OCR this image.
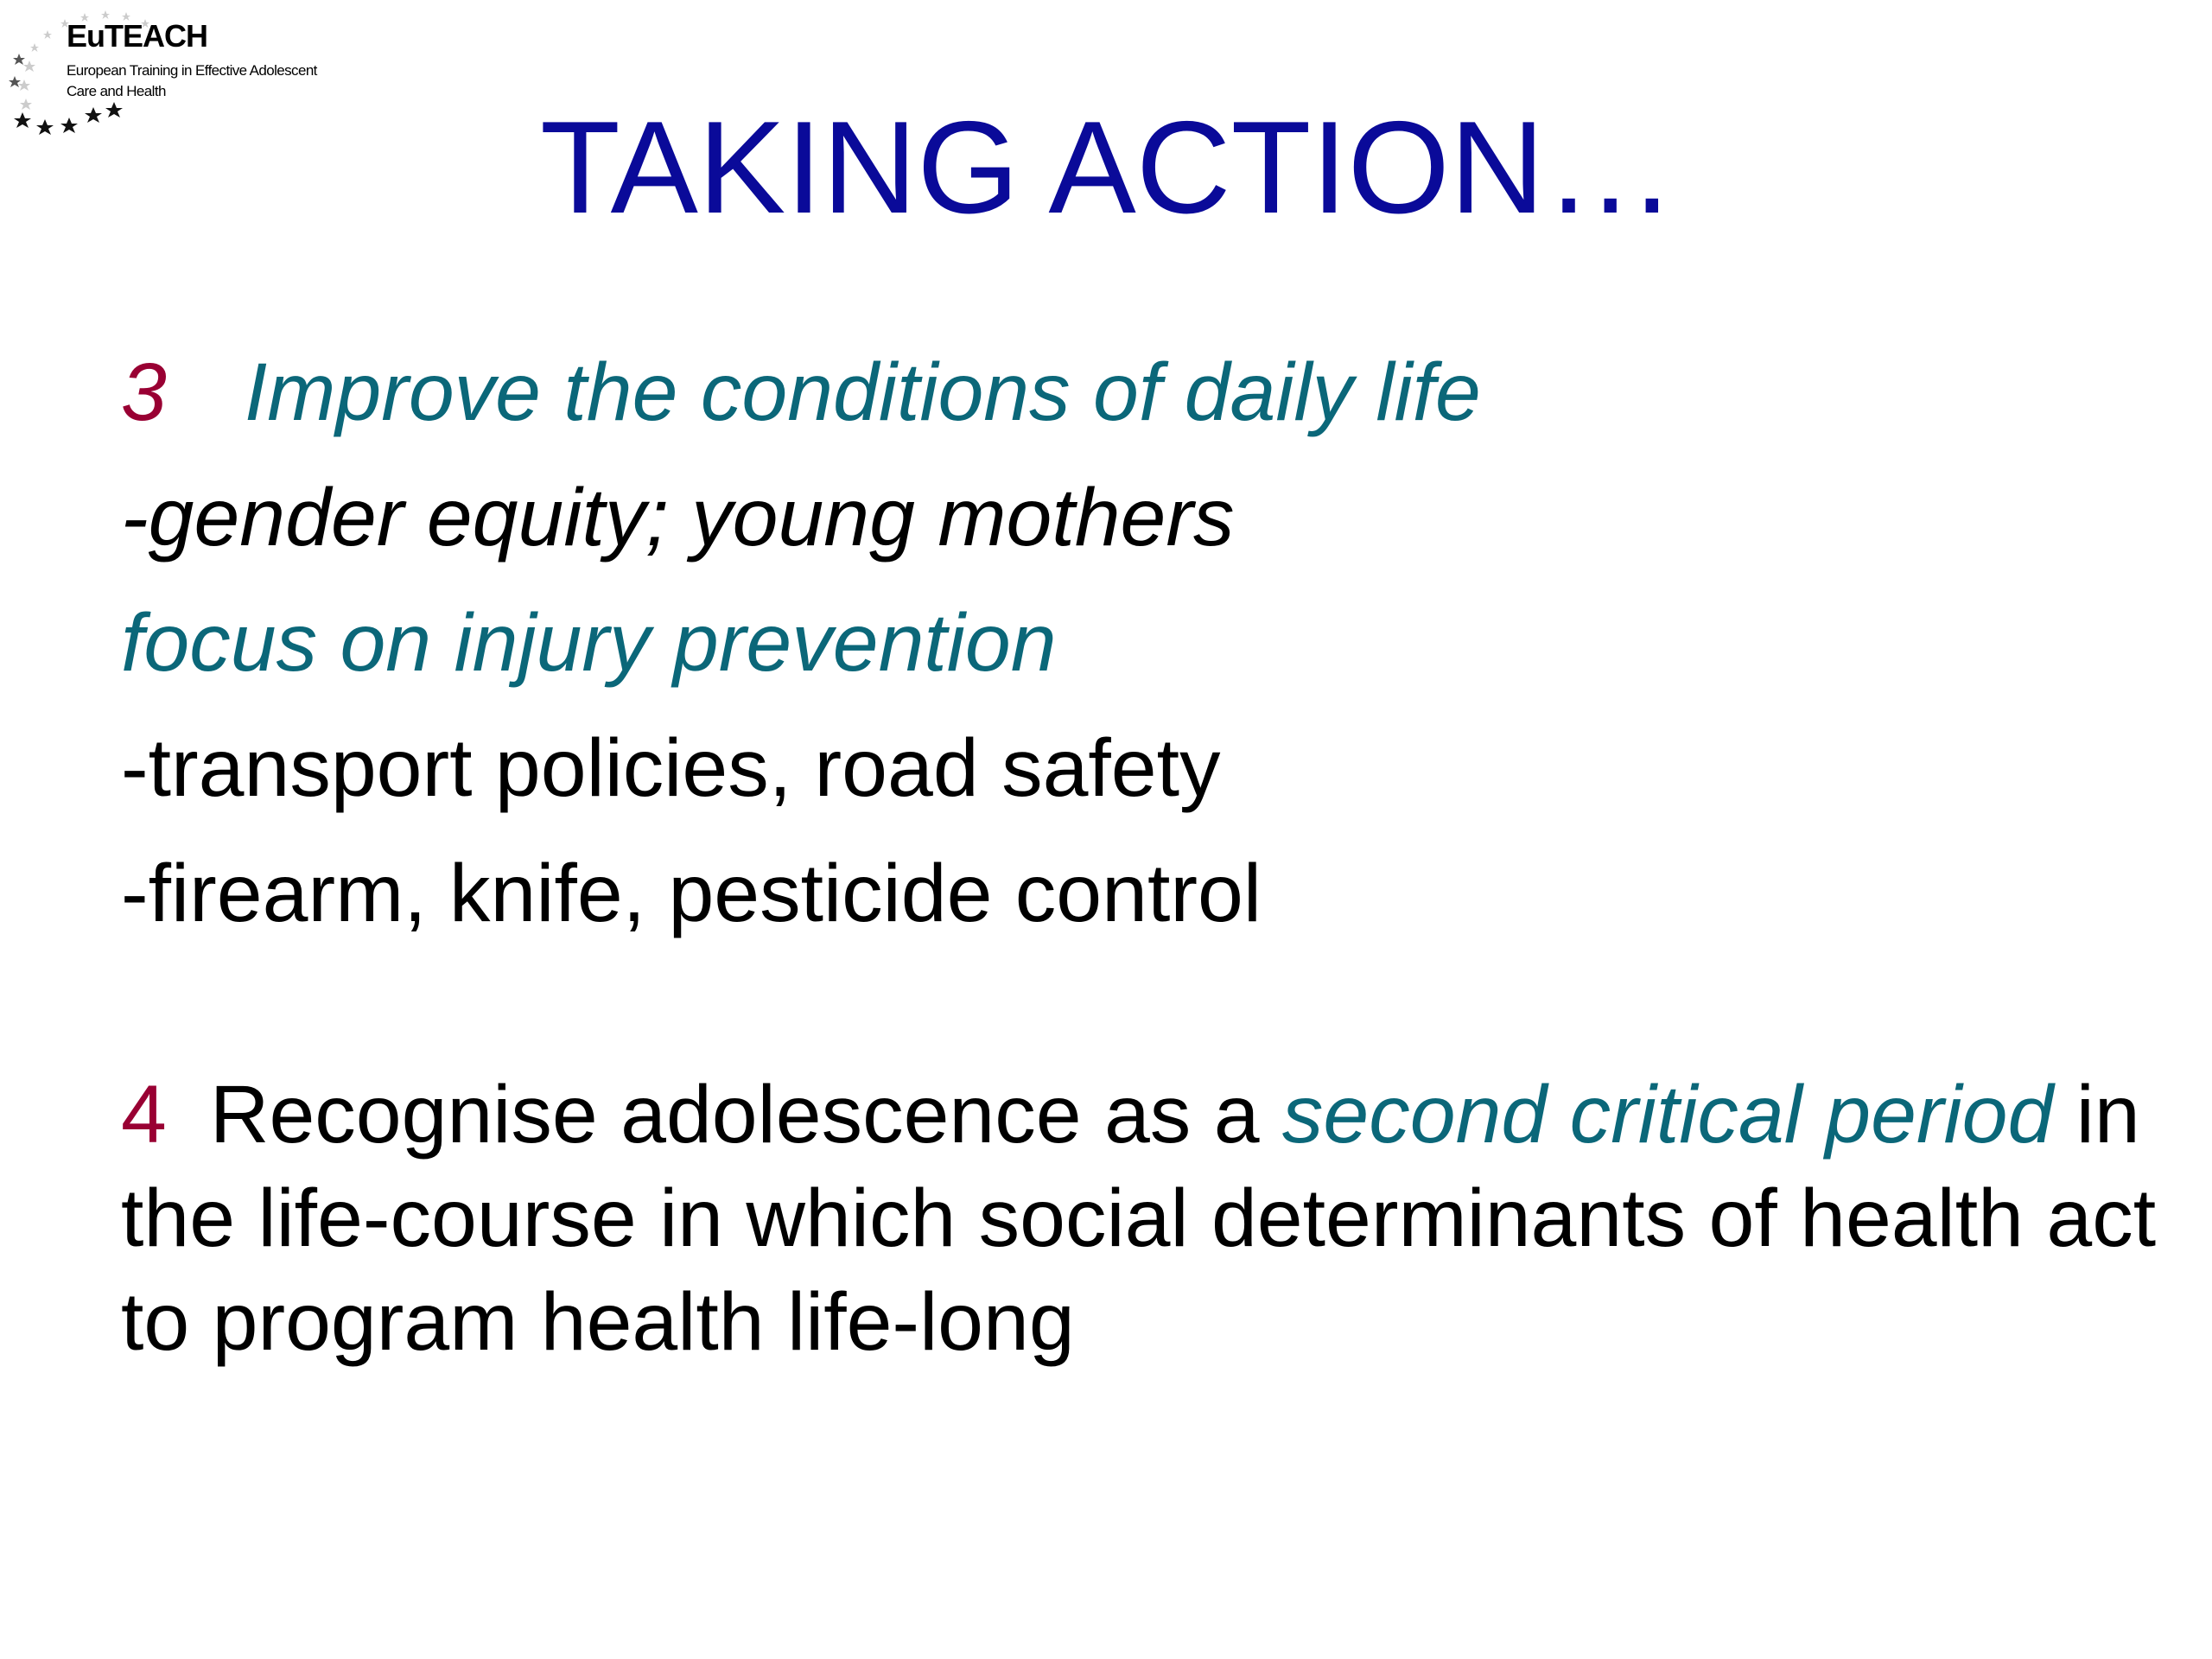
EuTEACH
European Training in Effective Adolescent
Care and Health
TAKING ACTION…

3 Improve the conditions of daily life

-gender equity; young mothers

focus on injury prevention

-transport policies, road safety

-firearm, knife, pesticide control

4 Recognise adolescence as a second critical period in the life-course in which social determinants of health act to program health life-long
